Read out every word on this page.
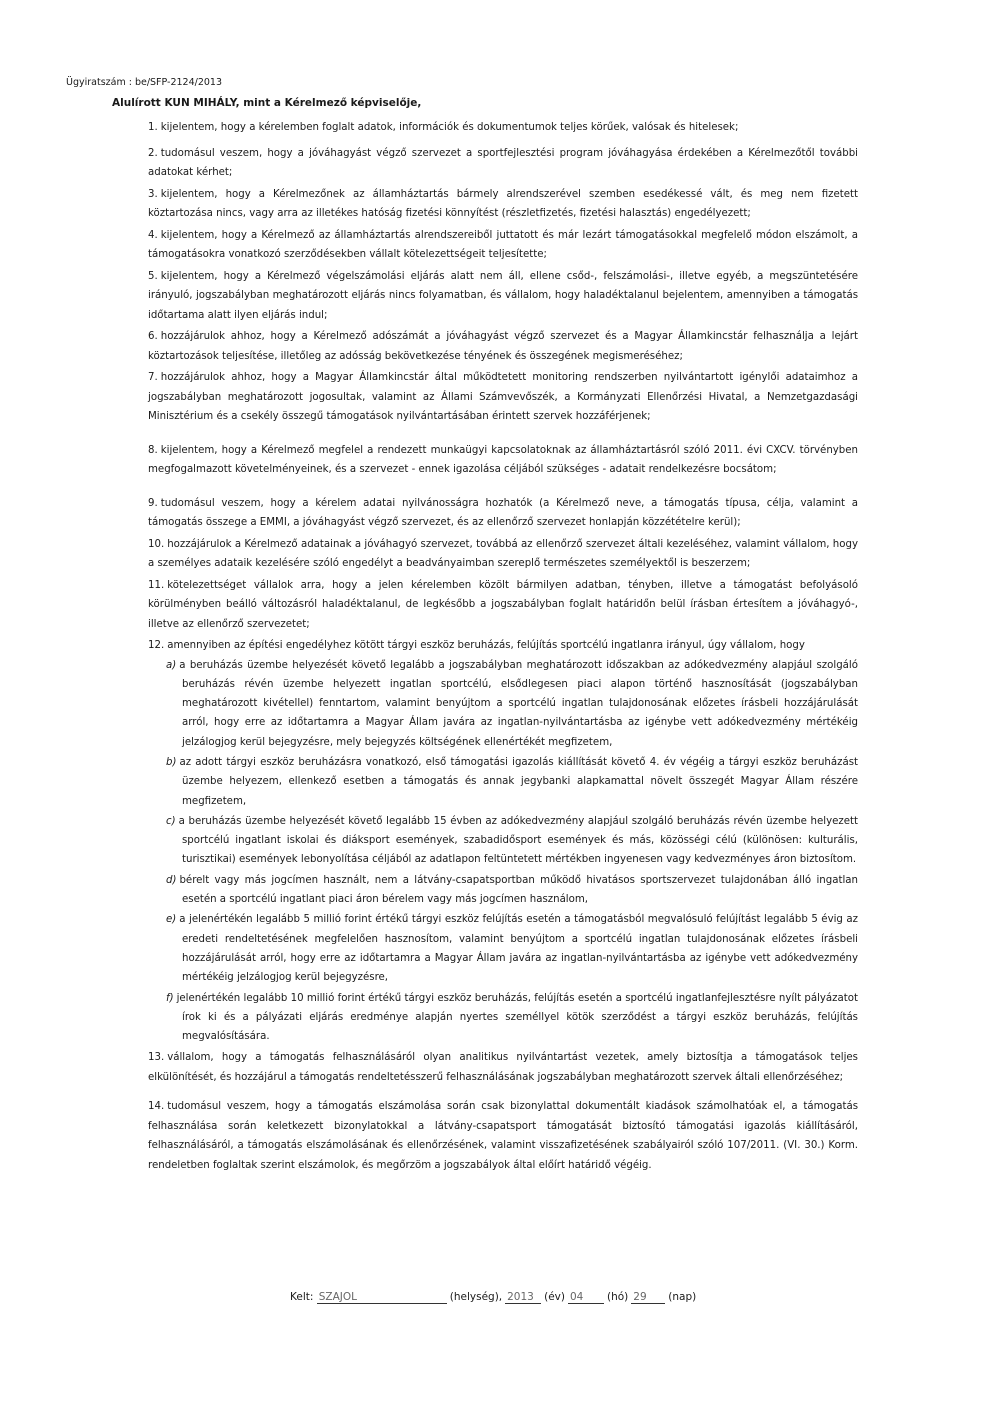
Ügyiratszám : be/SFP-2124/2013
Alulírott KUN MIHÁLY, mint a Kérelmező képviselője,
1. kijelentem, hogy a kérelemben foglalt adatok, információk és dokumentumok teljes körűek, valósak és hitelesek;
2. tudomásul veszem, hogy a jóváhagyást végző szervezet a sportfejlesztési program jóváhagyása érdekében a Kérelmezőtől további adatokat kérhet;
3. kijelentem, hogy a Kérelmezőnek az államháztartás bármely alrendszerével szemben esedékessé vált, és meg nem fizetett köztartozása nincs, vagy arra az illetékes hatóság fizetési könnyítést (részletfizetés, fizetési halasztás) engedélyezett;
4. kijelentem, hogy a Kérelmező az államháztartás alrendszereiből juttatott és már lezárt támogatásokkal megfelelő módon elszámolt, a támogatásokra vonatkozó szerződésekben vállalt kötelezettségeit teljesítette;
5. kijelentem, hogy a Kérelmező végelszámolási eljárás alatt nem áll, ellene csőd-, felszámolási-, illetve egyéb, a megszüntetésére irányuló, jogszabályban meghatározott eljárás nincs folyamatban, és vállalom, hogy haladéktalanul bejelentem, amennyiben a támogatás időtartama alatt ilyen eljárás indul;
6. hozzájárulok ahhoz, hogy a Kérelmező adószámát a jóváhagyást végző szervezet és a Magyar Államkincstár felhasználja a lejárt köztartozások teljesítése, illetőleg az adósság bekövetkezése tényének és összegének megismeréséhez;
7. hozzájárulok ahhoz, hogy a Magyar Államkincstár által működtetett monitoring rendszerben nyilvántartott igénylői adataimhoz a jogszabályban meghatározott jogosultak, valamint az Állami Számvevőszék, a Kormányzati Ellenőrzési Hivatal, a Nemzetgazdasági Minisztérium és a csekély összegű támogatások nyilvántartásában érintett szervek hozzáférjenek;
8. kijelentem, hogy a Kérelmező megfelel a rendezett munkaügyi kapcsolatoknak az államháztartásról szóló 2011. évi CXCV. törvényben megfogalmazott követelményeinek, és a szervezet - ennek igazolása céljából szükséges - adatait rendelkezésre bocsátom;
9. tudomásul veszem, hogy a kérelem adatai nyilvánosságra hozhatók (a Kérelmező neve, a támogatás típusa, célja, valamint a támogatás összege a EMMI, a jóváhagyást végző szervezet, és az ellenőrző szervezet honlapján közzétételre kerül);
10. hozzájárulok a Kérelmező adatainak a jóváhagyó szervezet, továbbá az ellenőrző szervezet általi kezeléséhez, valamint vállalom, hogy a személyes adataik kezelésére szóló engedélyt a beadványaimban szereplő természetes személyektől is beszerzem;
11. kötelezettséget vállalok arra, hogy a jelen kérelemben közölt bármilyen adatban, tényben, illetve a támogatást befolyásoló körülményben beálló változásról haladéktalanul, de legkésőbb a jogszabályban foglalt határidőn belül írásban értesítem a jóváhagyó-, illetve az ellenőrző szervezetet;
12. amennyiben az építési engedélyhez kötött tárgyi eszköz beruházás, felújítás sportcélú ingatlanra irányul, úgy vállalom, hogy
a) a beruházás üzembe helyezését követő legalább a jogszabályban meghatározott időszakban az adókedvezmény alapjául szolgáló beruházás révén üzembe helyezett ingatlan sportcélú, elsődlegesen piaci alapon történő hasznosítását (jogszabályban meghatározott kivétellel) fenntartom, valamint benyújtom a sportcélú ingatlan tulajdonosának előzetes írásbeli hozzájárulását arról, hogy erre az időtartamra a Magyar Állam javára az ingatlan-nyilvántartásba az igénybe vett adókedvezmény mértékéig jelzálogjog kerül bejegyzésre, mely bejegyzés költségének ellenértékét megfizetem,
b) az adott tárgyi eszköz beruházásra vonatkozó, első támogatási igazolás kiállítását követő 4. év végéig a tárgyi eszköz beruházást üzembe helyezem, ellenkező esetben a támogatás és annak jegybanki alapkamattal növelt összegét Magyar Állam részére megfizetem,
c) a beruházás üzembe helyezését követő legalább 15 évben az adókedvezmény alapjául szolgáló beruházás révén üzembe helyezett sportcélú ingatlant iskolai és diáksport események, szabadidősport események és más, közösségi célú (különösen: kulturális, turisztikai) események lebonyolítása céljából az adatlapon feltüntetett mértékben ingyenesen vagy kedvezményes áron biztosítom.
d) bérelt vagy más jogcímen használt, nem a látvány-csapatsportban működő hivatásos sportszervezet tulajdonában álló ingatlan esetén a sportcélú ingatlant piaci áron bérelem vagy más jogcímen használom,
e) a jelenértékén legalább 5 millió forint értékű tárgyi eszköz felújítás esetén a támogatásból megvalósuló felújítást legalább 5 évig az eredeti rendeltetésének megfelelően hasznosítom, valamint benyújtom a sportcélú ingatlan tulajdonosának előzetes írásbeli hozzájárulását arról, hogy erre az időtartamra a Magyar Állam javára az ingatlan-nyilvántartásba az igénybe vett adókedvezmény mértékéig jelzálogjog kerül bejegyzésre,
f) jelenértékén legalább 10 millió forint értékű tárgyi eszköz beruházás, felújítás esetén a sportcélú ingatlanfejlesztésre nyílt pályázatot írok ki és a pályázati eljárás eredménye alapján nyertes személlyel kötök szerződést a tárgyi eszköz beruházás, felújítás megvalósítására.
13. vállalom, hogy a támogatás felhasználásáról olyan analitikus nyilvántartást vezetek, amely biztosítja a támogatások teljes elkülönítését, és hozzájárul a támogatás rendeltetésszerű felhasználásának jogszabályban meghatározott szervek általi ellenőrzéséhez;
14. tudomásul veszem, hogy a támogatás elszámolása során csak bizonylattal dokumentált kiadások számolhatóak el, a támogatás felhasználása során keletkezett bizonylatokkal a látvány-csapatsport támogatását biztosító támogatási igazolás kiállításáról, felhasználásáról, a támogatás elszámolásának és ellenőrzésének, valamint visszafizetésének szabályairól szóló 107/2011. (VI. 30.) Korm. rendeletben foglaltak szerint elszámolok, és megőrzöm a jogszabályok által előírt határidő végéig.
Kelt: SZAJOL	(helység), 2013 (év) 04 (hó) 29 (nap)
